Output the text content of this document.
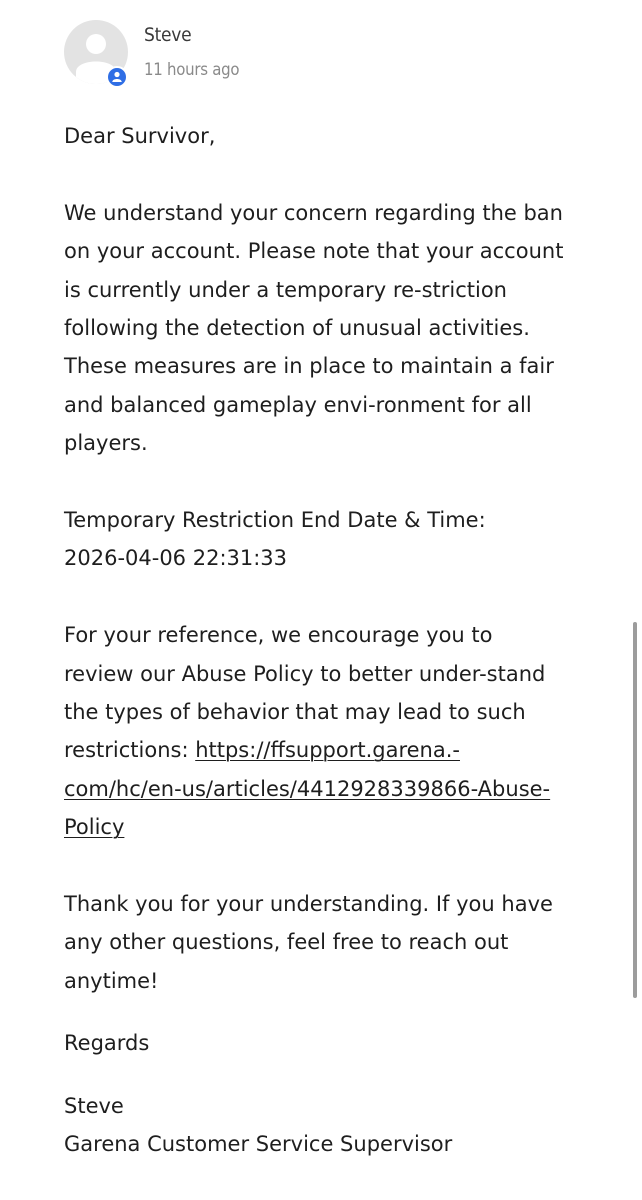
Steve
11 hours ago

Dear Survivor,

We understand your concern regarding the ban on your account. Please note that your account is currently under a temporary re-striction following the detection of unusual activities. These measures are in place to maintain a fair and balanced gameplay envi-ronment for all players.

Temporary Restriction End Date & Time:

2026-04-06 22:31:33

For your reference, we encourage you to review our Abuse Policy to better under-stand the types of behavior that may lead to such restrictions: https://ffsupport.garena.-com/hc/en-us/articles/4412928339866-Abuse-Policy

Thank you for your understanding. If you have any other questions, feel free to reach out anytime!

Regards

Steve

Garena Customer Service Supervisor
